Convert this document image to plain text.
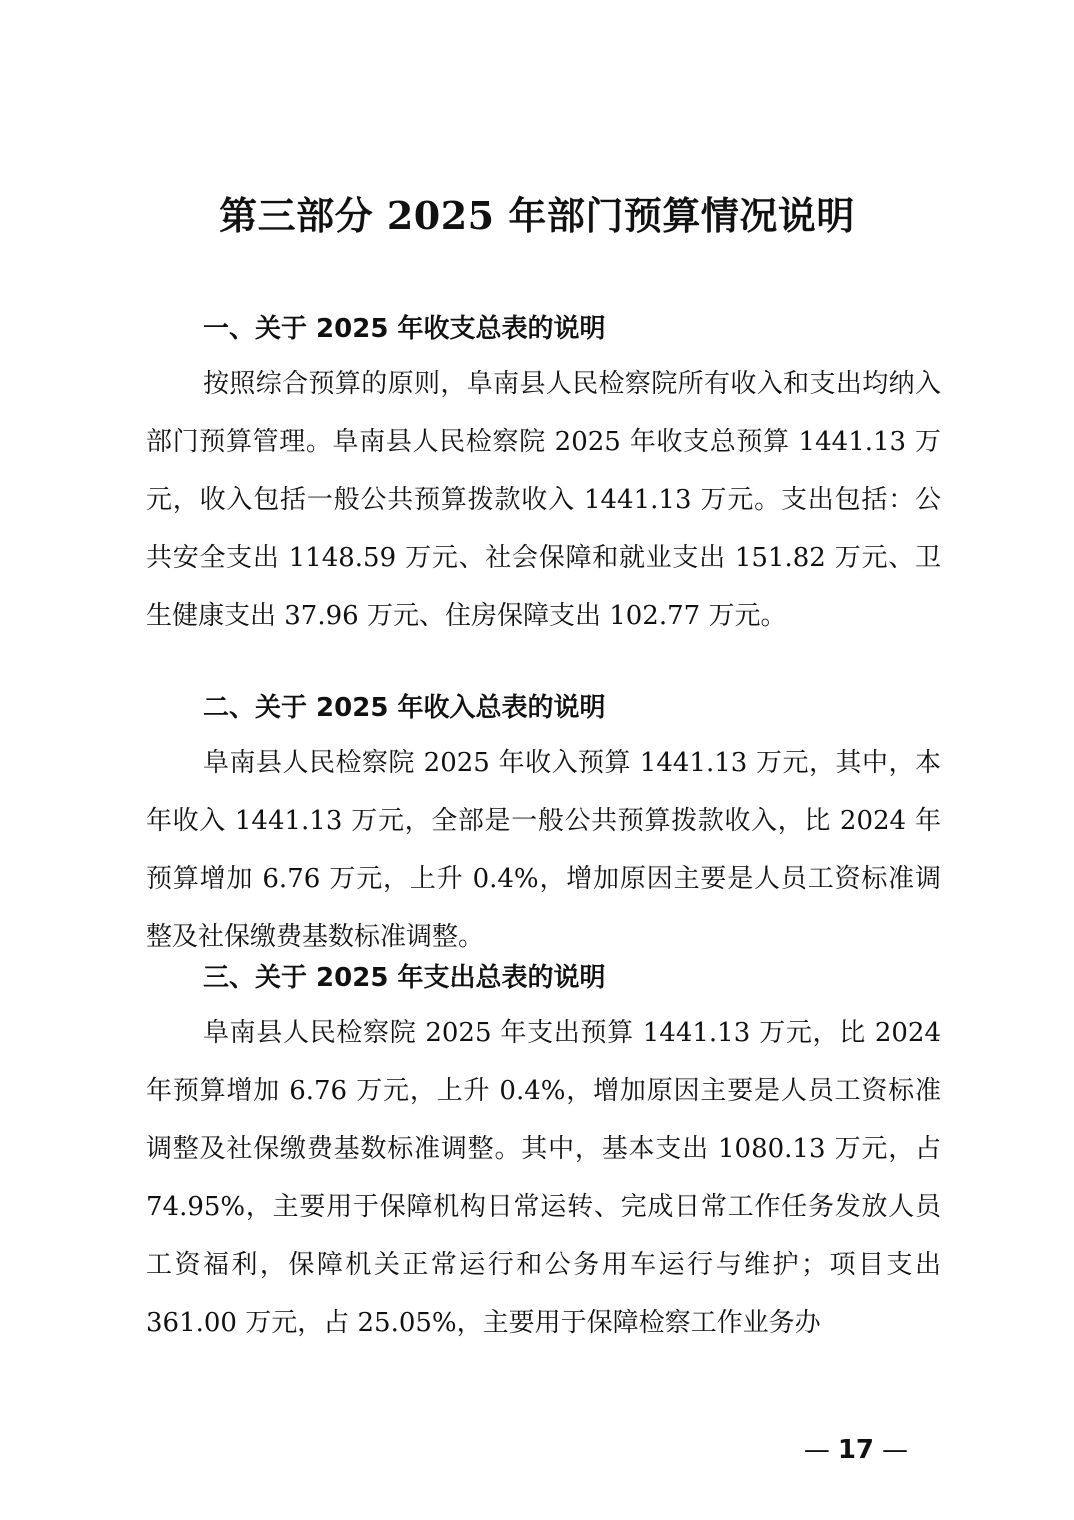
第三部分 2025 年部门预算情况说明
一、关于 2025 年收支总表的说明

按照综合预算的原则，阜南县人民检察院所有收入和支出均纳入部门预算管理。阜南县人民检察院 2025 年收支总预算 1441.13 万元，收入包括一般公共预算拨款收入 1441.13 万元。支出包括：公共安全支出 1148.59 万元、社会保障和就业支出 151.82 万元、卫生健康支出 37.96 万元、住房保障支出 102.77 万元。

二、关于 2025 年收入总表的说明

阜南县人民检察院 2025 年收入预算 1441.13 万元，其中，本年收入 1441.13 万元，全部是一般公共预算拨款收入，比 2024 年预算增加 6.76 万元，上升 0.4%，增加原因主要是人员工资标准调整及社保缴费基数标准调整。

三、关于 2025 年支出总表的说明

阜南县人民检察院 2025 年支出预算 1441.13 万元，比 2024 年预算增加 6.76 万元，上升 0.4%，增加原因主要是人员工资标准调整及社保缴费基数标准调整。其中，基本支出 1080.13 万元，占 74.95%，主要用于保障机构日常运转、完成日常工作任务发放人员工资福利，保障机关正常运行和公务用车运行与维护；项目支出 361.00 万元，占 25.05%，主要用于保障检察工作业务办

— 17 —
